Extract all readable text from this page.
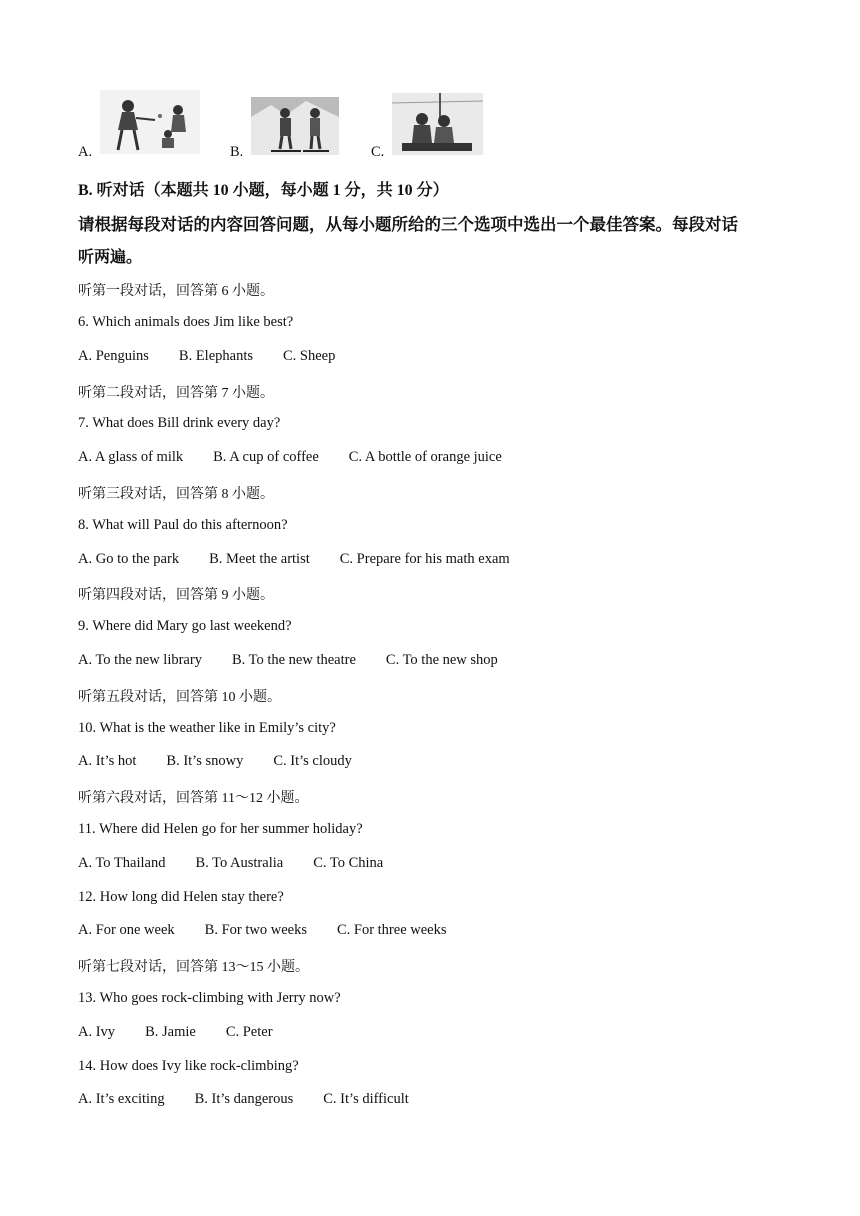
A.	B.	C.
B. 听对话（本题共 10 小题，每小题 1 分，共 10 分）
请根据每段对话的内容回答问题，从每小题所给的三个选项中选出一个最佳答案。每段对话
听两遍。
听第一段对话，回答第 6 小题。
6. Which animals does Jim like best?
A. Penguins B. Elephants C. Sheep
听第二段对话，回答第 7 小题。
7. What does Bill drink every day?
A. A glass of milk B. A cup of coffee C. A bottle of orange juice
听第三段对话，回答第 8 小题。
8. What will Paul do this afternoon?
A. Go to the park B. Meet the artist C. Prepare for his math exam
听第四段对话，回答第 9 小题。
9. Where did Mary go last weekend?
A. To the new library B. To the new theatre C. To the new shop
听第五段对话，回答第 10 小题。
10. What is the weather like in Emily’s city?
A. It’s hot B. It’s snowy C. It’s cloudy
听第六段对话，回答第 11～12 小题。
11. Where did Helen go for her summer holiday?
A. To Thailand B. To Australia C. To China
12. How long did Helen stay there?
A. For one week B. For two weeks C. For three weeks
听第七段对话，回答第 13～15 小题。
13. Who goes rock-climbing with Jerry now?
A. Ivy B. Jamie C. Peter
14. How does Ivy like rock-climbing?
A. It’s exciting B. It’s dangerous C. It’s difficult
